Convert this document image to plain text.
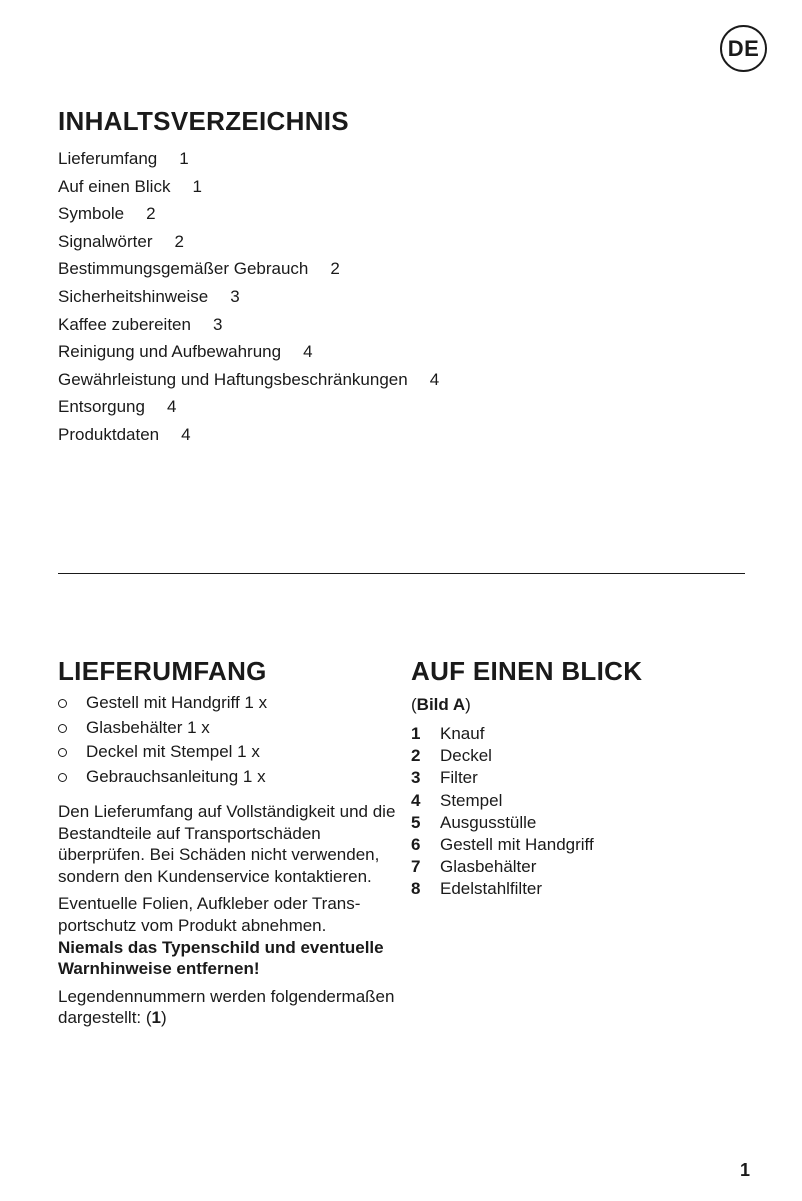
DE
INHALTSVERZEICHNIS
Lieferumfang 1
Auf einen Blick 1
Symbole 2
Signalwörter 2
Bestimmungsgemäßer Gebrauch 2
Sicherheitshinweise 3
Kaffee zubereiten 3
Reinigung und Aufbewahrung 4
Gewährleistung und Haftungsbeschränkungen 4
Entsorgung 4
Produktdaten 4
LIEFERUMFANG
Gestell mit Handgriff 1 x
Glasbehälter 1 x
Deckel mit Stempel 1 x
Gebrauchsanleitung 1 x

Den Lieferumfang auf Vollständigkeit und die Bestandteile auf Transportschäden überprüfen. Bei Schäden nicht verwenden, sondern den Kundenservice kontaktieren.

Eventuelle Folien, Aufkleber oder Transportschutz vom Produkt abnehmen.
Niemals das Typenschild und eventuelle Warnhinweise entfernen!

Legendennummern werden folgendermaßen dargestellt: (1)

AUF EINEN BLICK

(Bild A)

1 Knauf
2 Deckel
3 Filter
4 Stempel
5 Ausgusstülle
6 Gestell mit Handgriff
7 Glasbehälter
8 Edelstahlfilter
1
